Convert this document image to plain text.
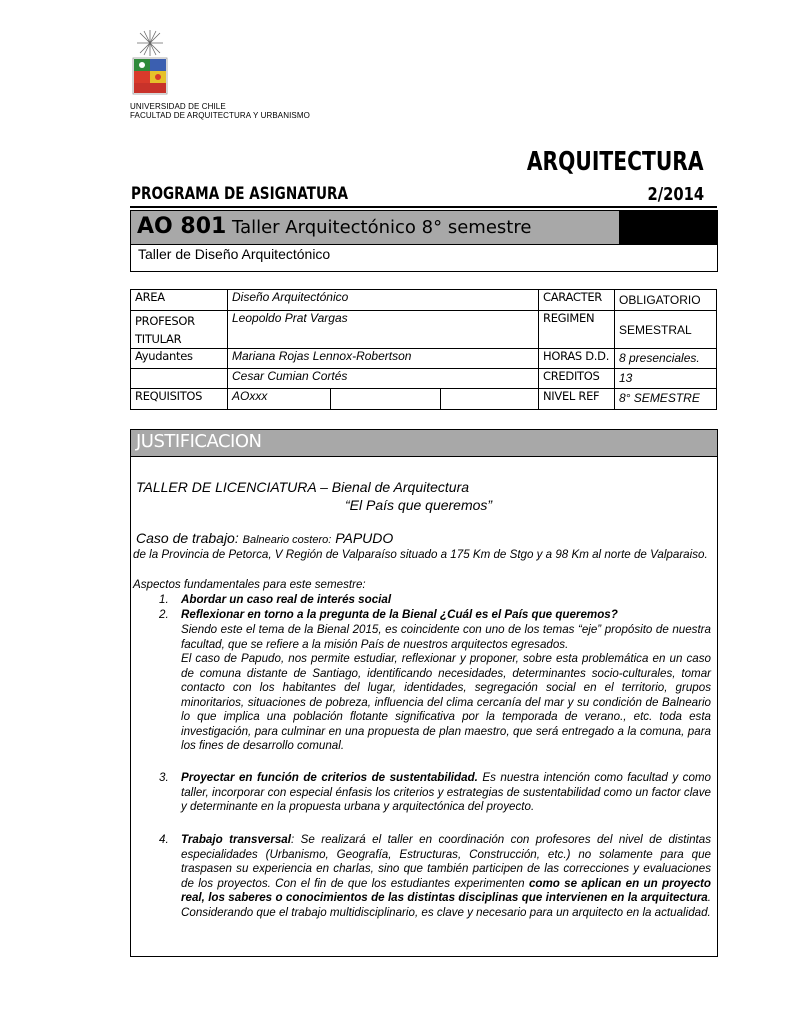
UNIVERSIDAD DE CHILE
FACULTAD DE ARQUITECTURA Y URBANISMO
ARQUITECTURA
PROGRAMA DE ASIGNATURA	2/2014
AO 801 Taller Arquitectónico 8° semestre
Taller de Diseño Arquitectónico
AREA	Diseño Arquitectónico			CARACTER	OBLIGATORIO
PROFESOR TITULAR	Leopoldo Prat Vargas			REGIMEN	SEMESTRAL
Ayudantes	Mariana Rojas Lennox-Robertson			HORAS D.D.	8 presenciales.
	Cesar Cumian Cortés			CREDITOS	13
REQUISITOS	AOxxx			NIVEL REF	8° SEMESTRE
JUSTIFICACION
TALLER DE LICENCIATURA – Bienal de Arquitectura
“El País que queremos”
Caso de trabajo: Balneario costero: PAPUDO
de la Provincia de Petorca, V Región de Valparaíso situado a 175 Km de Stgo y a 98 Km al norte de Valparaiso.
Aspectos fundamentales para este semestre:
1. Abordar un caso real de interés social
2. Reflexionar en torno a la pregunta de la Bienal ¿Cuál es el País que queremos?
Siendo este el tema de la Bienal 2015, es coincidente con uno de los temas “eje” propósito de nuestra facultad, que se refiere a la misión País de nuestros arquitectos egresados.
El caso de Papudo, nos permite estudiar, reflexionar y proponer, sobre esta problemática en un caso de comuna distante de Santiago, identificando necesidades, determinantes socio-culturales, tomar contacto con los habitantes del lugar, identidades, segregación social en el territorio, grupos minoritarios, situaciones de pobreza, influencia del clima cercanía del mar y su condición de Balneario lo que implica una población flotante significativa por la temporada de verano., etc. toda esta investigación, para culminar en una propuesta de plan maestro, que será entregado a la comuna, para los fines de desarrollo comunal.
3. Proyectar en función de criterios de sustentabilidad. Es nuestra intención como facultad y como taller, incorporar con especial énfasis los criterios y estrategias de sustentabilidad como un factor clave y determinante en la propuesta urbana y arquitectónica del proyecto.
4. Trabajo transversal: Se realizará el taller en coordinación con profesores del nivel de distintas especialidades (Urbanismo, Geografía, Estructuras, Construcción, etc.) no solamente para que traspasen su experiencia en charlas, sino que también participen de las correcciones y evaluaciones de los proyectos. Con el fin de que los estudiantes experimenten como se aplican en un proyecto real, los saberes o conocimientos de las distintas disciplinas que intervienen en la arquitectura. Considerando que el trabajo multidisciplinario, es clave y necesario para un arquitecto en la actualidad.
